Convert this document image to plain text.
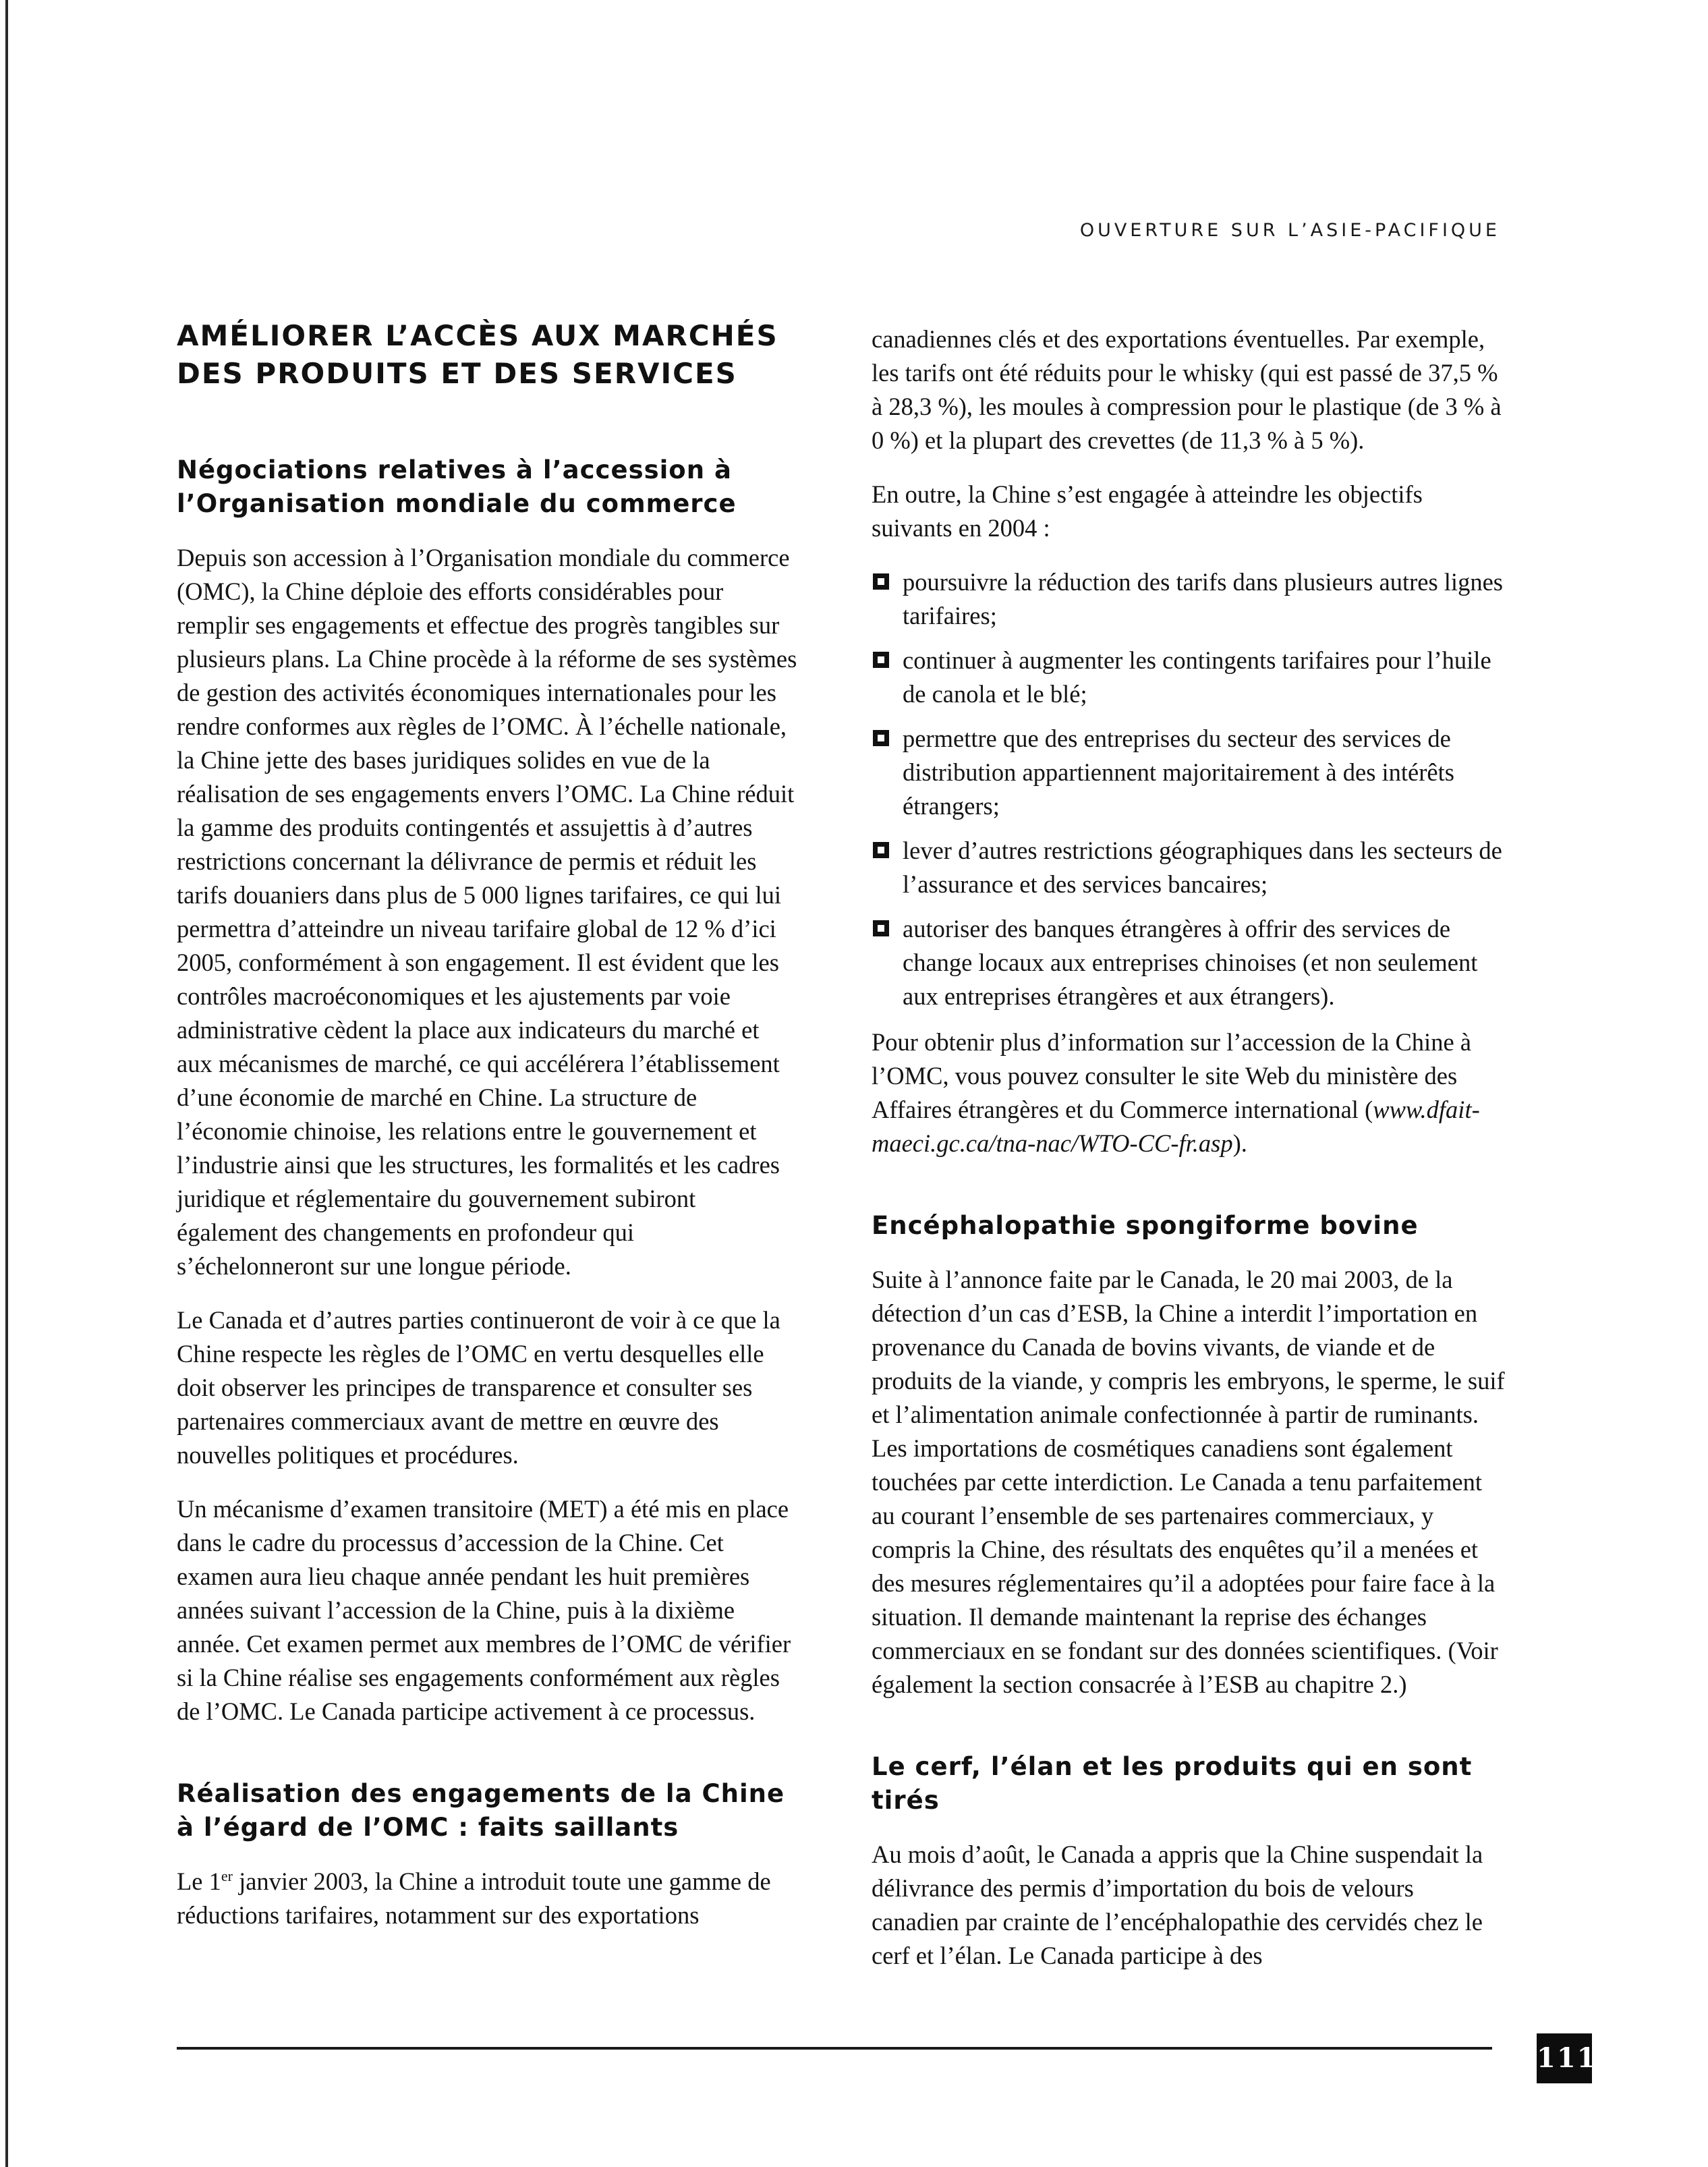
OUVERTURE SUR L’ASIE-PACIFIQUE

AMÉLIORER L’ACCÈS AUX MARCHÉS
DES PRODUITS ET DES SERVICES
Négociations relatives à l’accession à
l’Organisation mondiale du commerce

Depuis son accession à l’Organisation mondiale du commerce (OMC), la Chine déploie des efforts considérables pour remplir ses engagements et effectue des progrès tangibles sur plusieurs plans. La Chine procède à la réforme de ses systèmes de gestion des activités économiques internationales pour les rendre conformes aux règles de l’OMC. À l’échelle nationale, la Chine jette des bases juridiques solides en vue de la réalisation de ses engagements envers l’OMC. La Chine réduit la gamme des produits contingentés et assujettis à d’autres restrictions concernant la délivrance de permis et réduit les tarifs douaniers dans plus de 5 000 lignes tarifaires, ce qui lui permettra d’atteindre un niveau tarifaire global de 12 % d’ici 2005, conformément à son engagement. Il est évident que les contrôles macroéconomiques et les ajustements par voie administrative cèdent la place aux indicateurs du marché et aux mécanismes de marché, ce qui accélérera l’établissement d’une économie de marché en Chine. La structure de l’économie chinoise, les relations entre le gouvernement et l’industrie ainsi que les structures, les formalités et les cadres juridique et réglementaire du gouvernement subiront également des changements en profondeur qui s’échelonneront sur une longue période.

Le Canada et d’autres parties continueront de voir à ce que la Chine respecte les règles de l’OMC en vertu desquelles elle doit observer les principes de transparence et consulter ses partenaires commerciaux avant de mettre en œuvre des nouvelles politiques et procédures.

Un mécanisme d’examen transitoire (MET) a été mis en place dans le cadre du processus d’accession de la Chine. Cet examen aura lieu chaque année pendant les huit premières années suivant l’accession de la Chine, puis à la dixième année. Cet examen permet aux membres de l’OMC de vérifier si la Chine réalise ses engagements conformément aux règles de l’OMC. Le Canada participe activement à ce processus.

Réalisation des engagements de la Chine
à l’égard de l’OMC : faits saillants

Le 1er janvier 2003, la Chine a introduit toute une gamme de réductions tarifaires, notamment sur des exportations

canadiennes clés et des exportations éventuelles. Par exemple, les tarifs ont été réduits pour le whisky (qui est passé de 37,5 % à 28,3 %), les moules à compression pour le plastique (de 3 % à 0 %) et la plupart des crevettes (de 11,3 % à 5 %).

En outre, la Chine s’est engagée à atteindre les objectifs suivants en 2004 :

poursuivre la réduction des tarifs dans plusieurs autres lignes tarifaires;
continuer à augmenter les contingents tarifaires pour l’huile de canola et le blé;
permettre que des entreprises du secteur des services de distribution appartiennent majoritairement à des intérêts étrangers;
lever d’autres restrictions géographiques dans les secteurs de l’assurance et des services bancaires;
autoriser des banques étrangères à offrir des services de change locaux aux entreprises chinoises (et non seulement aux entreprises étrangères et aux étrangers).

Pour obtenir plus d’information sur l’accession de la Chine à l’OMC, vous pouvez consulter le site Web du ministère des Affaires étrangères et du Commerce international (www.dfait-maeci.gc.ca/tna-nac/WTO-CC-fr.asp).

Encéphalopathie spongiforme bovine

Suite à l’annonce faite par le Canada, le 20 mai 2003, de la détection d’un cas d’ESB, la Chine a interdit l’importation en provenance du Canada de bovins vivants, de viande et de produits de la viande, y compris les embryons, le sperme, le suif et l’alimentation animale confectionnée à partir de ruminants. Les importations de cosmétiques canadiens sont également touchées par cette interdiction. Le Canada a tenu parfaitement au courant l’ensemble de ses partenaires commerciaux, y compris la Chine, des résultats des enquêtes qu’il a menées et des mesures réglementaires qu’il a adoptées pour faire face à la situation. Il demande maintenant la reprise des échanges commerciaux en se fondant sur des données scientifiques. (Voir également la section consacrée à l’ESB au chapitre 2.)

Le cerf, l’élan et les produits qui en sont tirés

Au mois d’août, le Canada a appris que la Chine suspendait la délivrance des permis d’importation du bois de velours canadien par crainte de l’encéphalopathie des cervidés chez le cerf et l’élan. Le Canada participe à des

111
